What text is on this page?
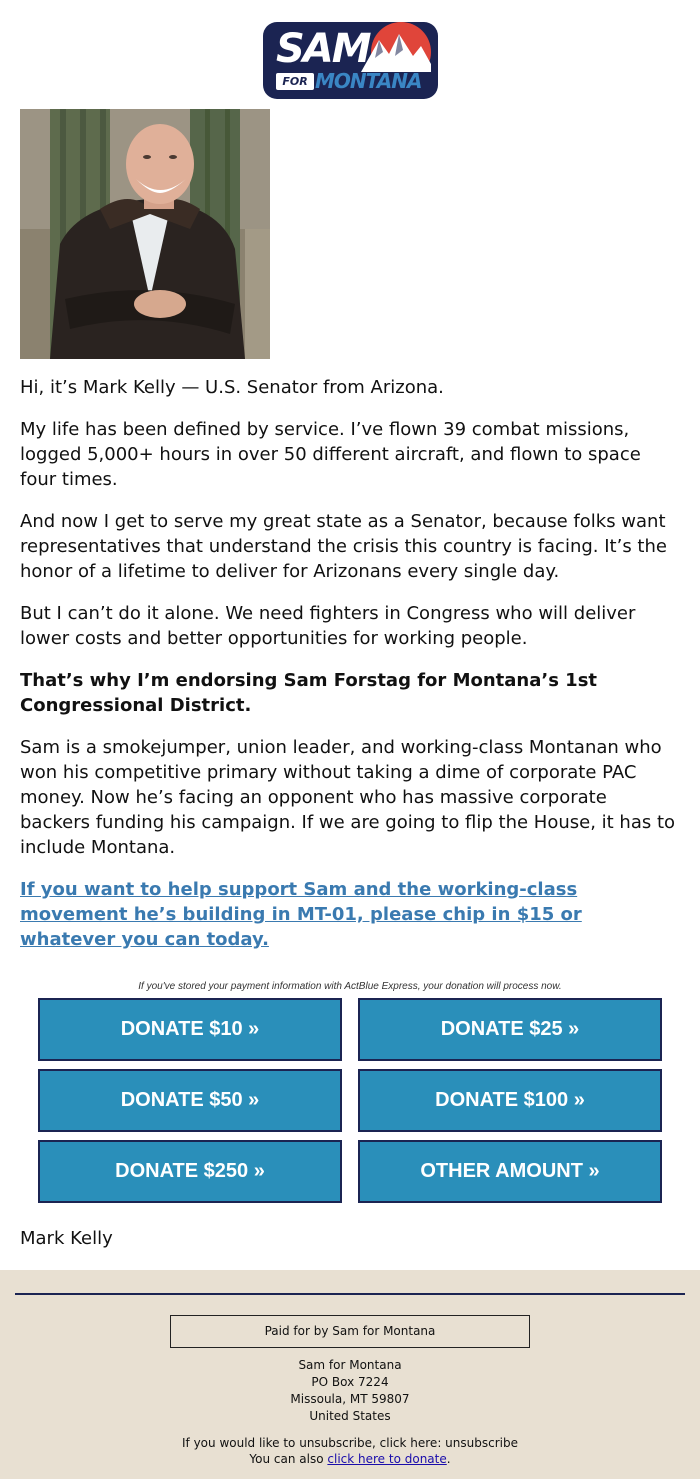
SAM
FOR MONTANA

Hi, it’s Mark Kelly — U.S. Senator from Arizona.

My life has been defined by service. I’ve flown 39 combat missions, logged 5,000+ hours in over 50 different aircraft, and flown to space four times.

And now I get to serve my great state as a Senator, because folks want representatives that understand the crisis this country is facing. It’s the honor of a lifetime to deliver for Arizonans every single day.

But I can’t do it alone. We need fighters in Congress who will deliver lower costs and better opportunities for working people.

That’s why I’m endorsing Sam Forstag for Montana’s 1st Congressional District.

Sam is a smokejumper, union leader, and working-class Montanan who won his competitive primary without taking a dime of corporate PAC money. Now he’s facing an opponent who has massive corporate backers funding his campaign. If we are going to flip the House, it has to include Montana.

If you want to help support Sam and the working-class movement he’s building in MT-01, please chip in $15 or whatever you can today.

If you've stored your payment information with ActBlue Express, your donation will process now.
DONATE $10 »	DONATE $25 »
DONATE $50 »	DONATE $100 »
DONATE $250 »	OTHER AMOUNT »
Mark Kelly
Paid for by Sam for Montana
Sam for Montana
PO Box 7224
Missoula, MT 59807
United States
If you would like to unsubscribe, click here: unsubscribe
You can also click here to donate.
